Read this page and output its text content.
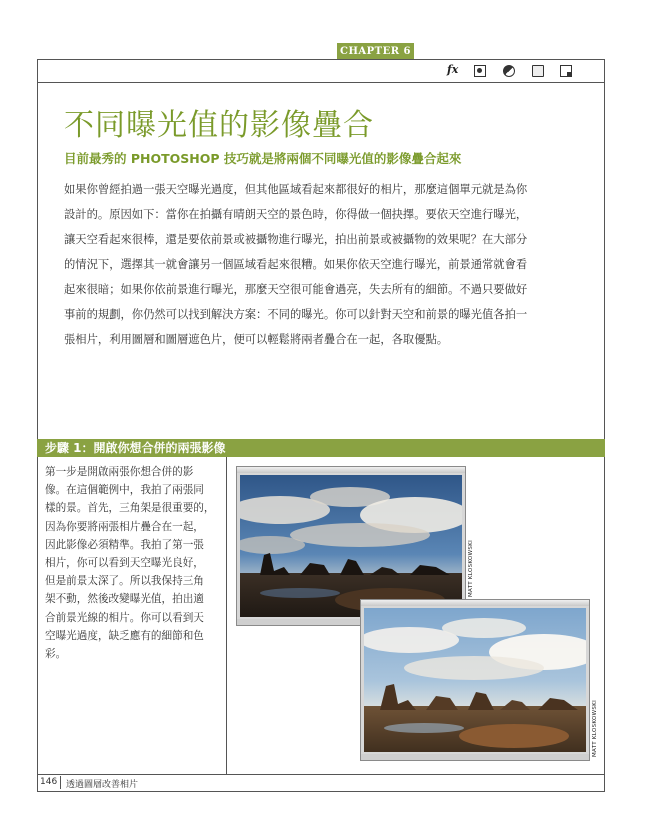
CHAPTER 6
fx
不同曝光值的影像疊合
目前最秀的 PHOTOSHOP 技巧就是將兩個不同曝光值的影像疊合起來
如果你曾經拍過一張天空曝光過度，但其他區域看起來都很好的相片，那麼這個單元就是為你
設計的。原因如下：當你在拍攝有晴朗天空的景色時，你得做一個抉擇。要依天空進行曝光，
讓天空看起來很棒，還是要依前景或被攝物進行曝光，拍出前景或被攝物的效果呢？在大部分
的情況下，選擇其一就會讓另一個區域看起來很糟。如果你依天空進行曝光，前景通常就會看
起來很暗；如果你依前景進行曝光，那麼天空很可能會過亮，失去所有的細節。不過只要做好
事前的規劃，你仍然可以找到解決方案：不同的曝光。你可以針對天空和前景的曝光值各拍一
張相片，利用圖層和圖層遮色片，便可以輕鬆將兩者疊合在一起，各取優點。
步驟 1：開啟你想合併的兩張影像
第一步是開啟兩張你想合併的影
像。在這個範例中，我拍了兩張同
樣的景。首先，三角架是很重要的，
因為你要將兩張相片疊合在一起，
因此影像必須精準。我拍了第一張
相片，你可以看到天空曝光良好，
但是前景太深了。所以我保持三角
架不動，然後改變曝光值，拍出適
合前景光線的相片。你可以看到天
空曝光過度，缺乏應有的細節和色
彩。
MATT KLOSKOWSKI
MATT KLOSKOWSKI
146 透過圖層改善相片
